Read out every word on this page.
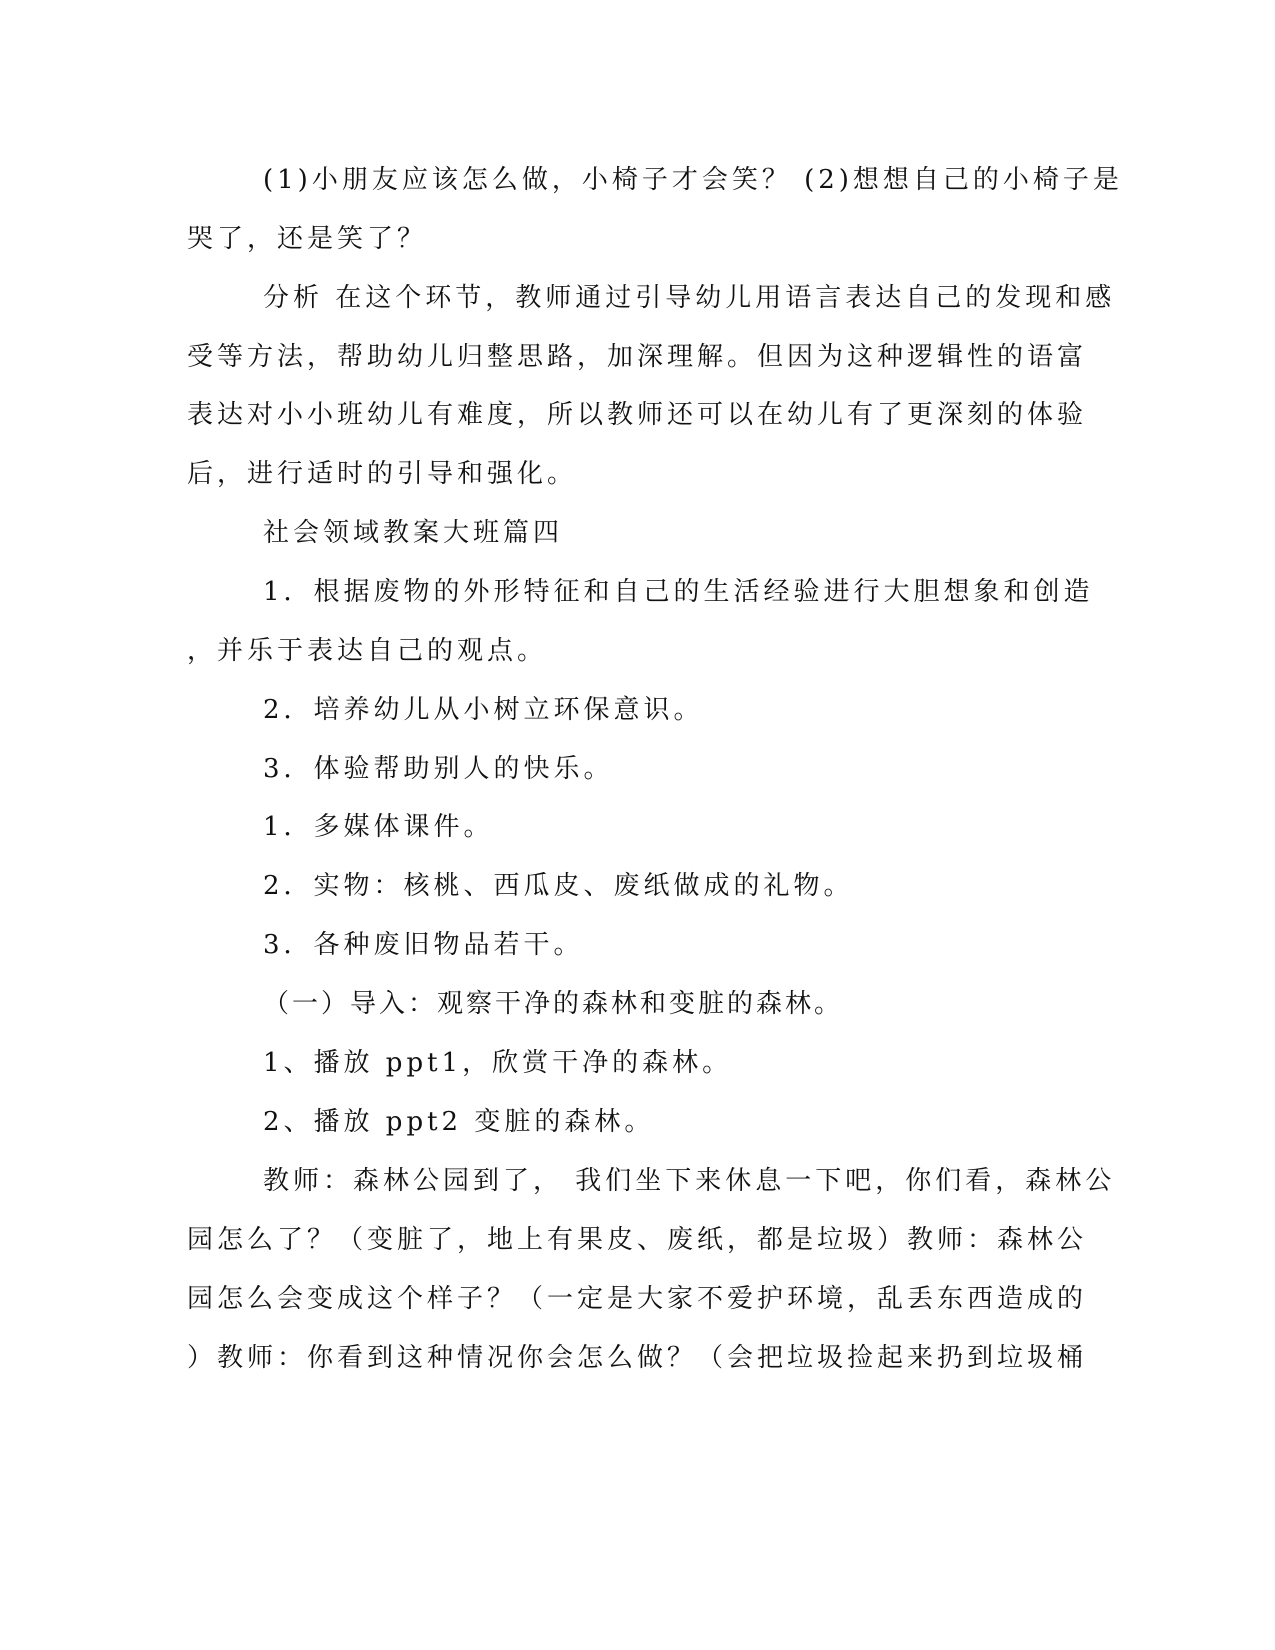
(1)小朋友应该怎么做，小椅子才会笑？ (2)想想自己的小椅子是
哭了，还是笑了？
分析 在这个环节，教师通过引导幼儿用语言表达自己的发现和感
受等方法，帮助幼儿归整思路，加深理解。但因为这种逻辑性的语富
表达对小小班幼儿有难度，所以教师还可以在幼儿有了更深刻的体验
后，进行适时的引导和强化。
社会领域教案大班篇四
1．根据废物的外形特征和自己的生活经验进行大胆想象和创造
，并乐于表达自己的观点。
2．培养幼儿从小树立环保意识。
3．体验帮助别人的快乐。
1．多媒体课件。
2．实物：核桃、西瓜皮、废纸做成的礼物。
3．各种废旧物品若干。
（一）导入：观察干净的森林和变脏的森林。
1、播放 ppt1，欣赏干净的森林。
2、播放 ppt2 变脏的森林。
教师：森林公园到了， 我们坐下来休息一下吧，你们看，森林公
园怎么了？（变脏了，地上有果皮、废纸，都是垃圾）教师：森林公
园怎么会变成这个样子？（一定是大家不爱护环境，乱丢东西造成的
）教师：你看到这种情况你会怎么做？（会把垃圾捡起来扔到垃圾桶
